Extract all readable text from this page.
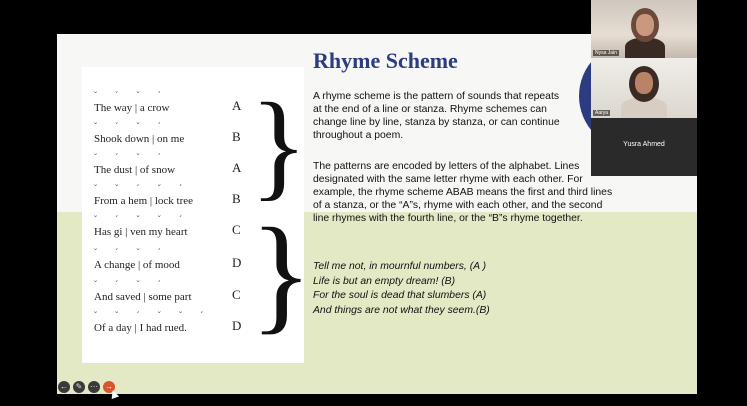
˘ ˊ ˘ ˊ
The way | a crow	A
˘ ˊ ˘ ˊ
Shook down | on me	B
˘ ˊ ˘ ˊ
The dust | of snow	A
˘ ˘ ˊ ˘ ˊ
From a hem | lock tree	B
˘ ˊ ˘ ˘ ˊ
Has gi | ven my heart	C
˘ ˊ ˘ ˊ
A change | of mood	D
˘ ˊ ˘ ˊ
And saved | some part	C
˘ ˘ ˊ ˘ ˘ ˊ
Of a day | I had rued.	D
}
}
Rhyme Scheme
A rhyme scheme is the pattern of sounds that repeats at the end of a line or stanza. Rhyme schemes can change line by line, stanza by stanza, or can continue throughout a poem.
The patterns are encoded by letters of the alphabet. Lines designated with the same letter rhyme with each other. For example, the rhyme scheme ABAB means the first and third lines of a stanza, or the “A”s, rhyme with each other, and the second line rhymes with the fourth line, or the “B”s rhyme together.
Tell me not, in mournful numbers, (A )
Life is but an empty dream! (B)
For the soul is dead that slumbers (A)
And things are not what they seem.(B)
Nysa Jain
Aarya
Yusra Ahmed
← ✎ ⋯ →
